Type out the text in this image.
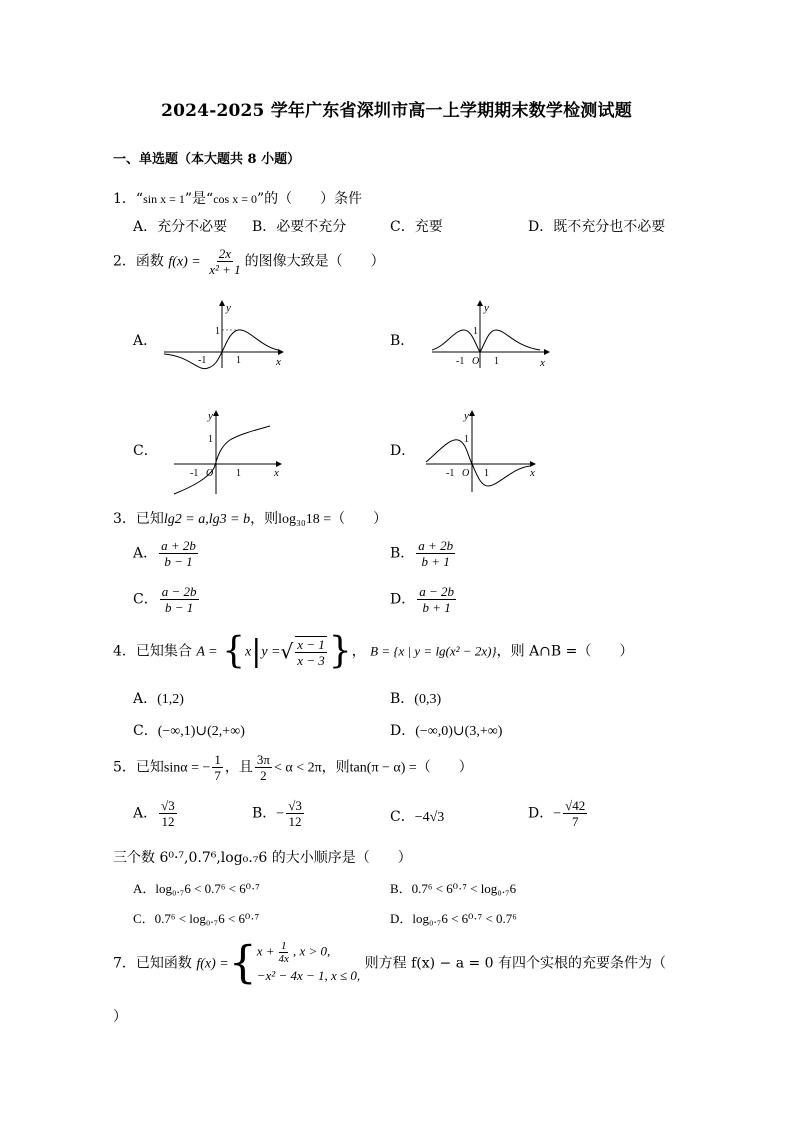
2024-2025 学年广东省深圳市高一上学期期末数学检测试题
一、单选题（本大题共 8 小题）
1．“sin x = 1”是“cos x = 0”的（　　）条件
A．充分不必要 B．必要不充分	C．充要	D．既不充分也不必要
2．函数 $f(x) = \frac{2x}{\text{x² + 1}}$ 的图像大致是（　　）
A．	B．
C．	D．
y
x
1
-1	1
y
x
1
-1 O 1
y
x
1
-1 O 1
y
x
1
-1 O 1
3．已知lg2 = a,lg3 = b，则log₃₀18 =（　　）
A． $\frac{a + 2b}{b - 1}$	B． $\frac{a + 2b}{b + 1}$
C． $\frac{a - 2b}{b - 1}$	D． $\frac{a - 2b}{b + 1}$
4．已知集合 A = {x|y =√ $\frac{x - 1}{x - 3}$ }， B = {x | y = lg(x² − 2x)}，则 A∩B =（　　）
A．(1,2)	B．(0,3)
C．(−∞,1)∪(2,+∞)	D．(−∞,0)∪(3,+∞)
5．已知sinα = − $\frac{1}{7}$ ，且 $\frac{3\pi}{2} < \alpha < 2\pi$，则tan(π − α) =（　　）
A． $\frac{√3}{12}$	B．− $\frac{√3}{12}$	C．−4√3	D．− $\frac{√42}{7}$
三个数 6⁰·⁷,0.7⁶,log₀.₇6 的大小顺序是（　　）
A．log₀.₇6 < 0.7⁶ < 6⁰·⁷	B．0.7⁶ < 6⁰·⁷ < log₀.₇6
C．0.7⁶ < log₀.₇6 < 6⁰·⁷	D．log₀.₇6 < 6⁰·⁷ < 0.7⁶
7．已知函数 f(x) ={ $x + \frac{1}{4x}$ , x > 0,
−x² − 4x − 1, x ≤ 0,
则方程 f(x) − a = 0 有四个实根的充要条件为（
）
